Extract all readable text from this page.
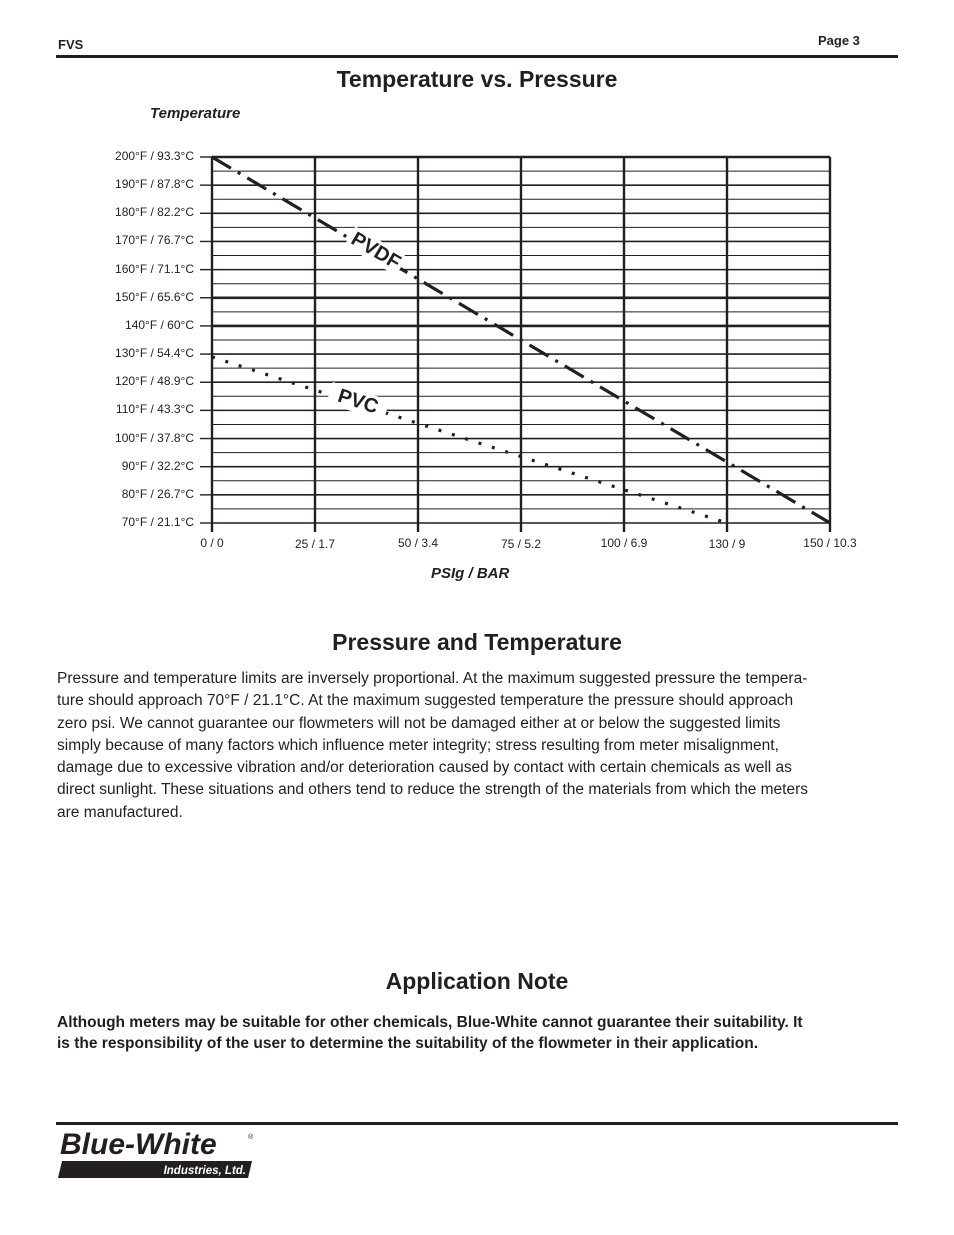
FVS	Page 3
Temperature vs. Pressure
Temperature
PVDF
PVC
200°F / 93.3°C
190°F / 87.8°C
180°F / 82.2°C
170°F / 76.7°C
160°F / 71.1°C
150°F / 65.6°C
140°F / 60°C
130°F / 54.4°C
120°F / 48.9°C
110°F / 43.3°C
100°F / 37.8°C
90°F / 32.2°C
80°F / 26.7°C
70°F / 21.1°C
0 / 0	25 / 1.7	50 / 3.4	75 / 5.2	100 / 6.9	130 / 9	150 / 10.3
PSIg / BAR
Pressure and Temperature
Pressure and temperature limits are inversely proportional. At the maximum suggested pressure the tempera-
ture should approach 70°F / 21.1°C. At the maximum suggested temperature the pressure should approach
zero psi. We cannot guarantee our flowmeters will not be damaged either at or below the suggested limits
simply because of many factors which influence meter integrity; stress resulting from meter misalignment,
damage due to excessive vibration and/or deterioration caused by contact with certain chemicals as well as
direct sunlight. These situations and others tend to reduce the strength of the materials from which the meters
are manufactured.
Application Note
Although meters may be suitable for other chemicals, Blue-White cannot guarantee their suitability. It
is the responsibility of the user to determine the suitability of the flowmeter in their application.
Blue-White	®
Industries, Ltd.
